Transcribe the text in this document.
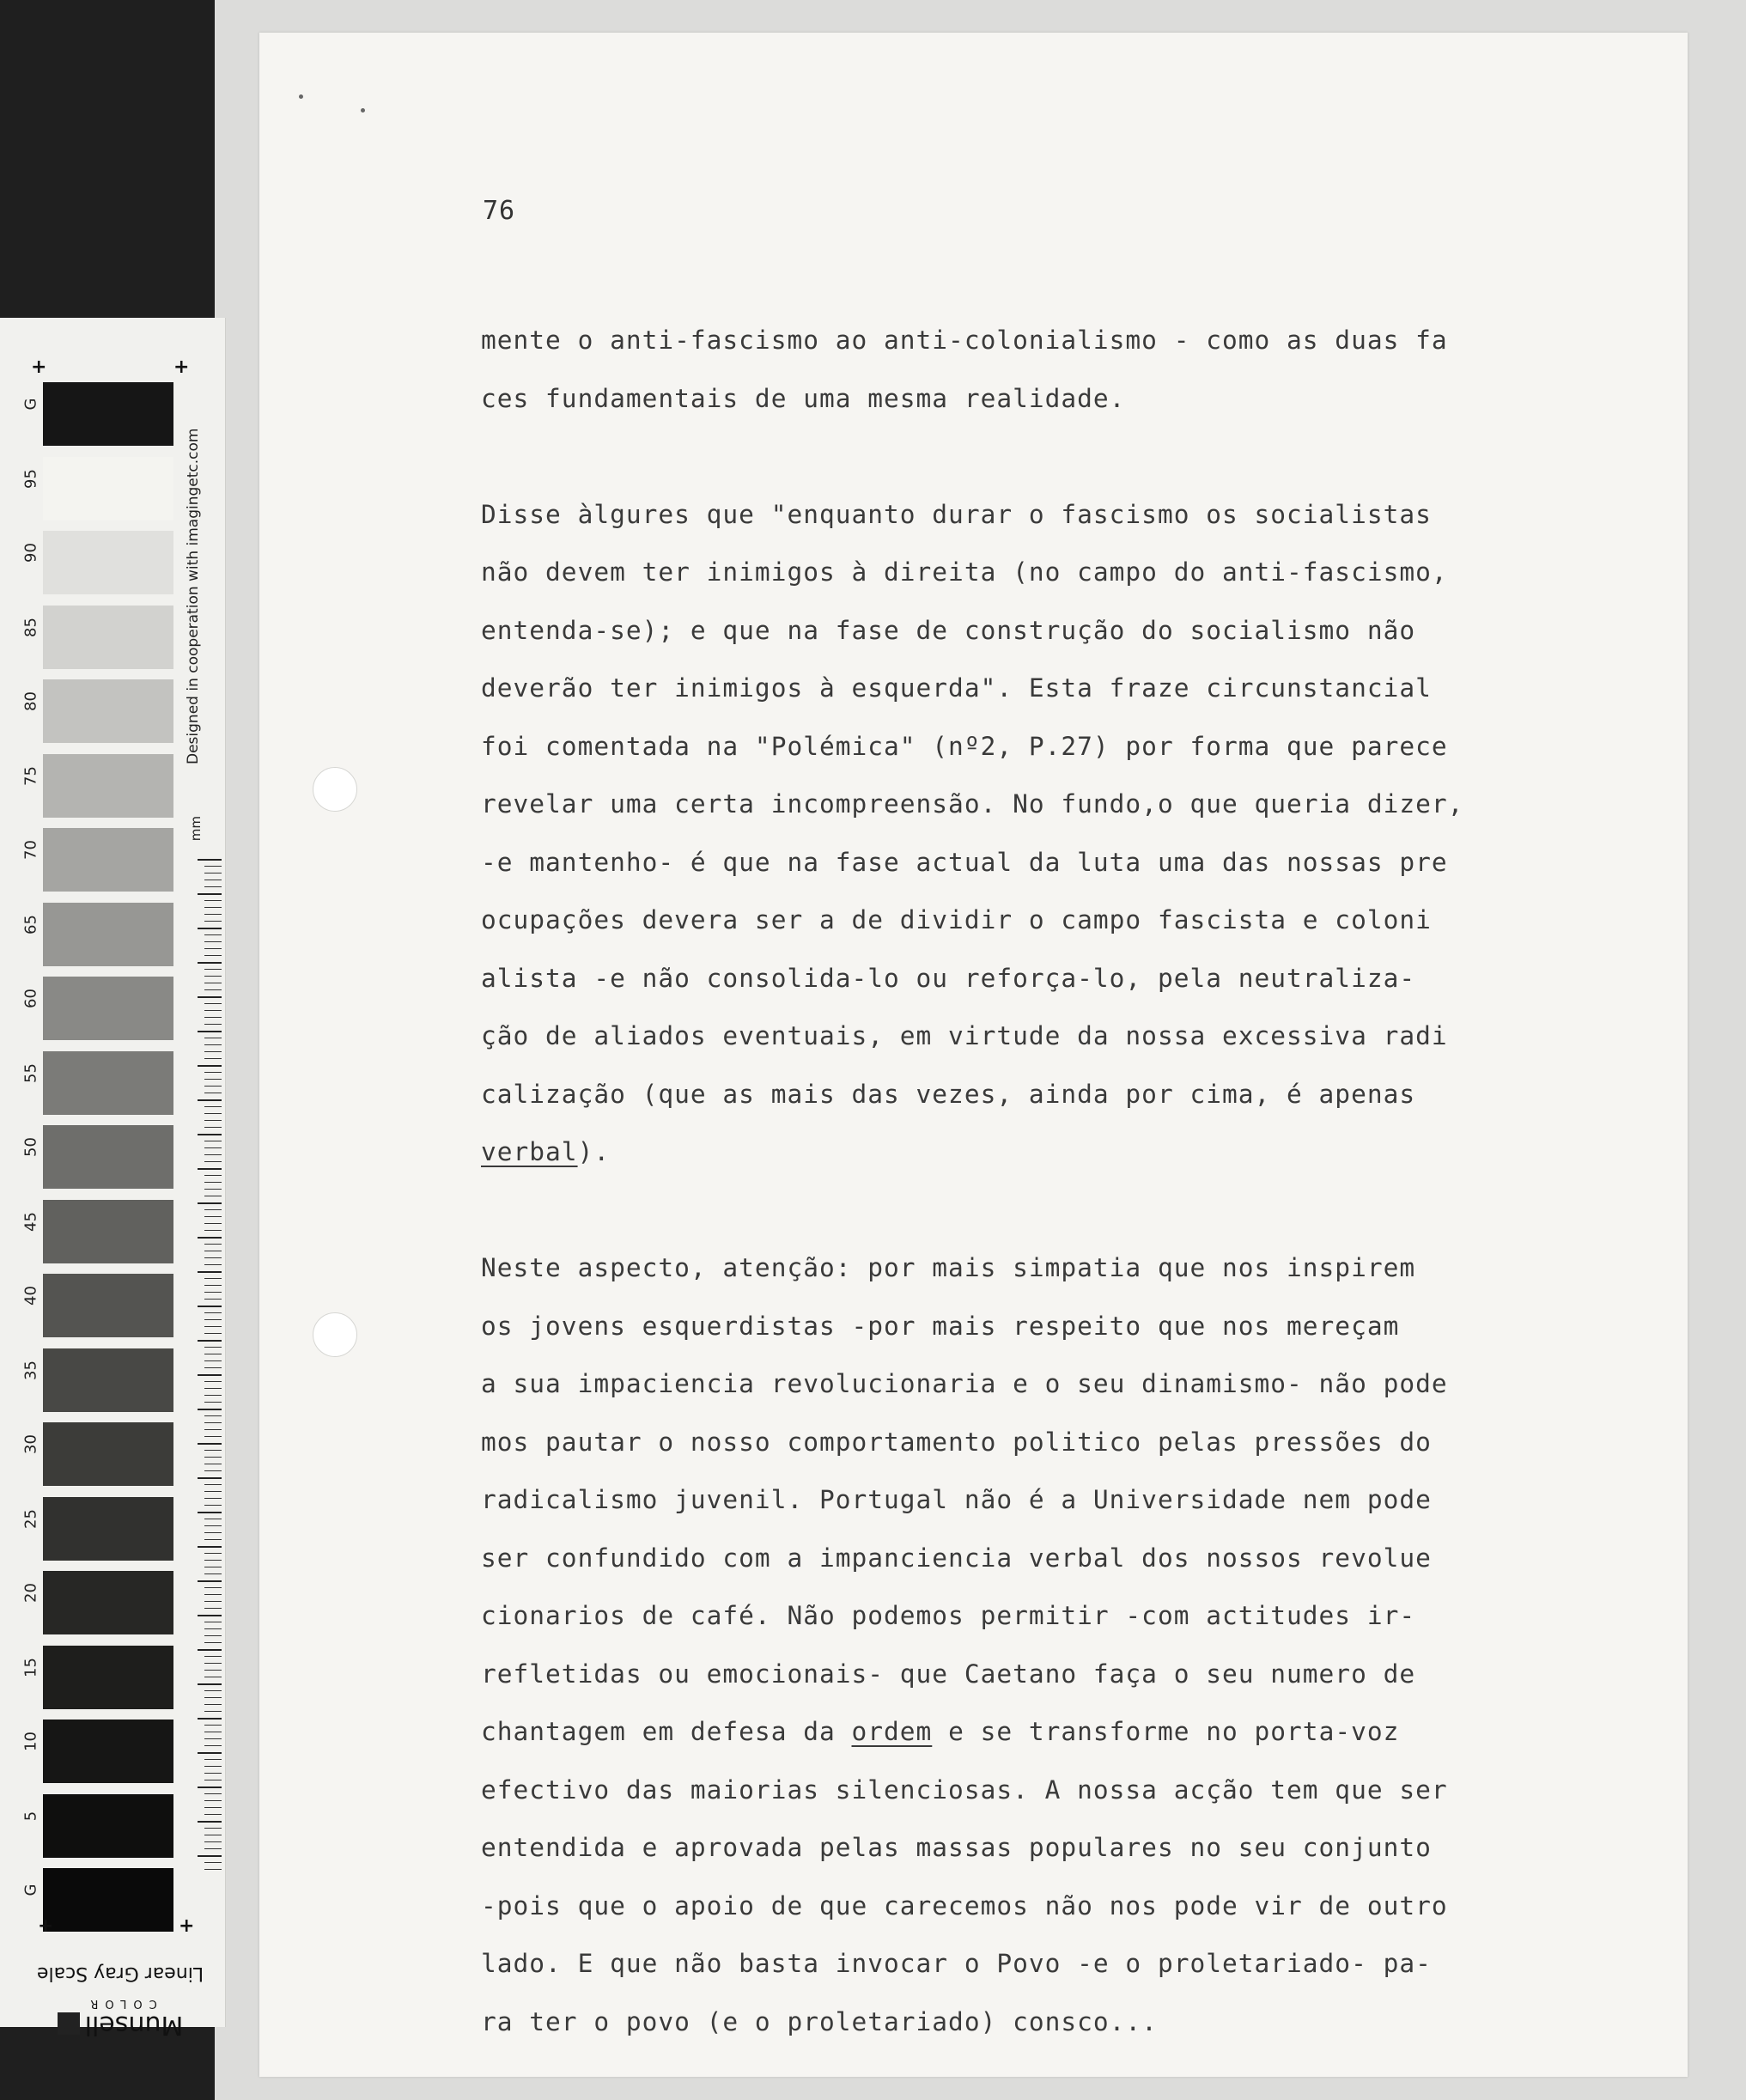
G
95
90
85
80
75
70
65
60
55
50
45
40
35
30
25
20
15
10
5
G
+	+
+	+
Designed in cooperation with imagingetc.com
mm
Linear Gray Scale
Munsell
COLOR
76
mente o anti-fascismo ao anti-colonialismo - como as duas fa
ces fundamentais de uma mesma realidade.
Disse àlgures que "enquanto durar o fascismo os socialistas
não devem ter inimigos à direita (no campo do anti-fascismo,
entenda-se); e que na fase de construção do socialismo não
deverão ter inimigos à esquerda". Esta fraze circunstancial
foi comentada na "Polémica" (nº2, P.27) por forma que parece
revelar uma certa incompreensão. No fundo,o que queria dizer,
-e mantenho- é que na fase actual da luta uma das nossas pre
ocupações devera ser a de dividir o campo fascista e coloni
alista -e não consolida-lo ou reforça-lo, pela neutraliza-
ção de aliados eventuais, em virtude da nossa excessiva radi
calização (que as mais das vezes, ainda por cima, é apenas
verbal).
Neste aspecto, atenção: por mais simpatia que nos inspirem
os jovens esquerdistas -por mais respeito que nos mereçam
a sua impaciencia revolucionaria e o seu dinamismo- não pode
mos pautar o nosso comportamento politico pelas pressões do
radicalismo juvenil. Portugal não é a Universidade nem pode
ser confundido com a impanciencia verbal dos nossos revolue
cionarios de café. Não podemos permitir -com actitudes ir-
refletidas ou emocionais- que Caetano faça o seu numero de
chantagem em defesa da ordem e se transforme no porta-voz
efectivo das maiorias silenciosas. A nossa acção tem que ser
entendida e aprovada pelas massas populares no seu conjunto
-pois que o apoio de que carecemos não nos pode vir de outro
lado. E que não basta invocar o Povo -e o proletariado- pa-
ra ter o povo (e o proletariado) consco...
